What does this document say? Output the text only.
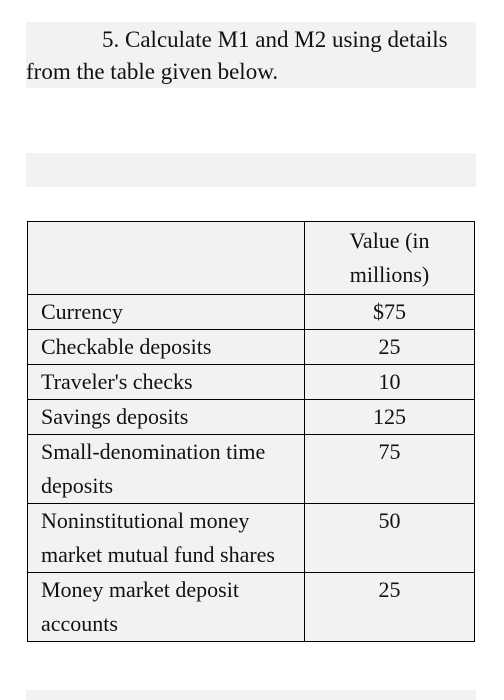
5. Calculate M1 and M2 using details from the table given below.

	Value (in millions)
Currency	$75
Checkable deposits	25
Traveler's checks	10
Savings deposits	125
Small-denomination time deposits	75
Noninstitutional money market mutual fund shares	50
Money market deposit accounts	25
